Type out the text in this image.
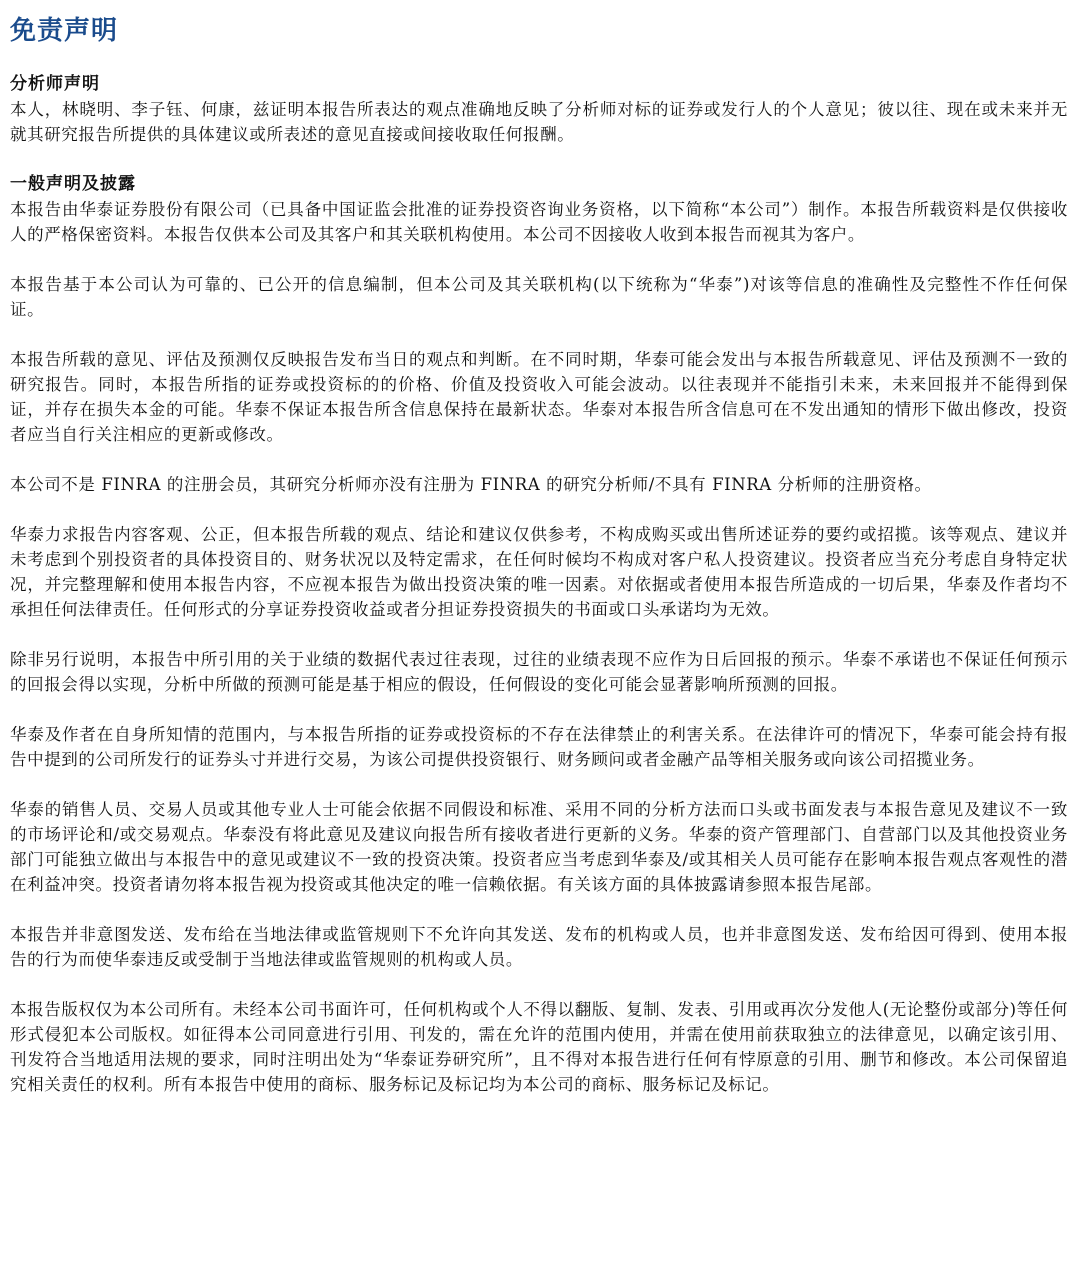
免责声明
分析师声明

本人，林晓明、李子钰、何康，兹证明本报告所表达的观点准确地反映了分析师对标的证券或发行人的个人意见；彼以往、现在或未来并无就其研究报告所提供的具体建议或所表述的意见直接或间接收取任何报酬。

一般声明及披露

本报告由华泰证券股份有限公司（已具备中国证监会批准的证券投资咨询业务资格，以下简称“本公司”）制作。本报告所载资料是仅供接收人的严格保密资料。本报告仅供本公司及其客户和其关联机构使用。本公司不因接收人收到本报告而视其为客户。

本报告基于本公司认为可靠的、已公开的信息编制，但本公司及其关联机构(以下统称为“华泰”)对该等信息的准确性及完整性不作任何保证。

本报告所载的意见、评估及预测仅反映报告发布当日的观点和判断。在不同时期，华泰可能会发出与本报告所载意见、评估及预测不一致的研究报告。同时，本报告所指的证券或投资标的的价格、价值及投资收入可能会波动。以往表现并不能指引未来，未来回报并不能得到保证，并存在损失本金的可能。华泰不保证本报告所含信息保持在最新状态。华泰对本报告所含信息可在不发出通知的情形下做出修改，投资者应当自行关注相应的更新或修改。

本公司不是 FINRA 的注册会员，其研究分析师亦没有注册为 FINRA 的研究分析师/不具有 FINRA 分析师的注册资格。

华泰力求报告内容客观、公正，但本报告所载的观点、结论和建议仅供参考，不构成购买或出售所述证券的要约或招揽。该等观点、建议并未考虑到个别投资者的具体投资目的、财务状况以及特定需求，在任何时候均不构成对客户私人投资建议。投资者应当充分考虑自身特定状况，并完整理解和使用本报告内容，不应视本报告为做出投资决策的唯一因素。对依据或者使用本报告所造成的一切后果，华泰及作者均不承担任何法律责任。任何形式的分享证券投资收益或者分担证券投资损失的书面或口头承诺均为无效。

除非另行说明，本报告中所引用的关于业绩的数据代表过往表现，过往的业绩表现不应作为日后回报的预示。华泰不承诺也不保证任何预示的回报会得以实现，分析中所做的预测可能是基于相应的假设，任何假设的变化可能会显著影响所预测的回报。

华泰及作者在自身所知情的范围内，与本报告所指的证券或投资标的不存在法律禁止的利害关系。在法律许可的情况下，华泰可能会持有报告中提到的公司所发行的证券头寸并进行交易，为该公司提供投资银行、财务顾问或者金融产品等相关服务或向该公司招揽业务。

华泰的销售人员、交易人员或其他专业人士可能会依据不同假设和标准、采用不同的分析方法而口头或书面发表与本报告意见及建议不一致的市场评论和/或交易观点。华泰没有将此意见及建议向报告所有接收者进行更新的义务。华泰的资产管理部门、自营部门以及其他投资业务部门可能独立做出与本报告中的意见或建议不一致的投资决策。投资者应当考虑到华泰及/或其相关人员可能存在影响本报告观点客观性的潜在利益冲突。投资者请勿将本报告视为投资或其他决定的唯一信赖依据。有关该方面的具体披露请参照本报告尾部。

本报告并非意图发送、发布给在当地法律或监管规则下不允许向其发送、发布的机构或人员，也并非意图发送、发布给因可得到、使用本报告的行为而使华泰违反或受制于当地法律或监管规则的机构或人员。

本报告版权仅为本公司所有。未经本公司书面许可，任何机构或个人不得以翻版、复制、发表、引用或再次分发他人(无论整份或部分)等任何形式侵犯本公司版权。如征得本公司同意进行引用、刊发的，需在允许的范围内使用，并需在使用前获取独立的法律意见，以确定该引用、刊发符合当地适用法规的要求，同时注明出处为“华泰证券研究所”，且不得对本报告进行任何有悖原意的引用、删节和修改。本公司保留追究相关责任的权利。所有本报告中使用的商标、服务标记及标记均为本公司的商标、服务标记及标记。
